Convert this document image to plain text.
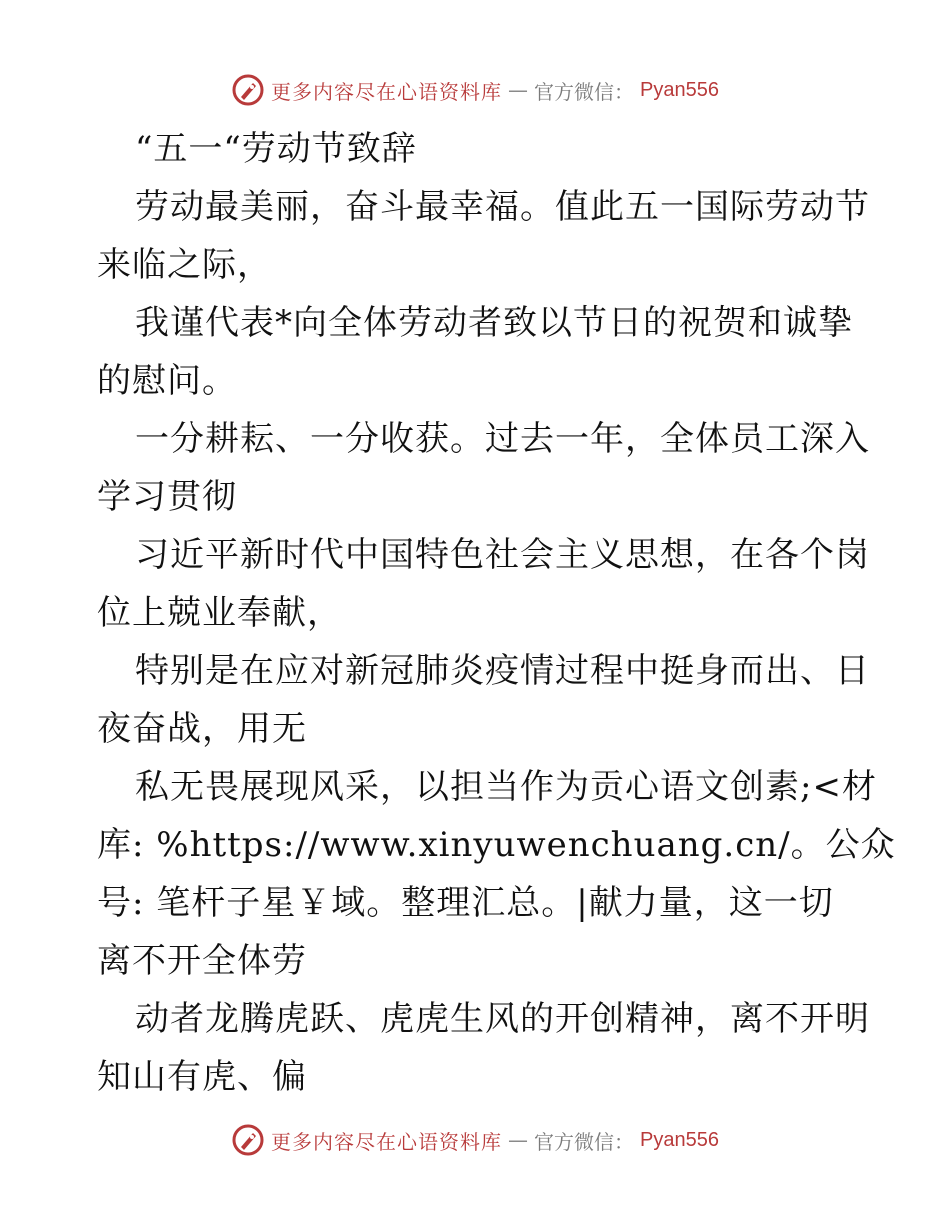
更多内容尽在心语资料库 — 官方微信： Pyan556
“五一“劳动节致辞
劳动最美丽，奋斗最幸福。值此五一国际劳动节
来临之际，
我谨代表*向全体劳动者致以节日的祝贺和诚挚
的慰问。
一分耕耘、一分收获。过去一年，全体员工深入
学习贯彻
习近平新时代中国特色社会主义思想，在各个岗
位上兢业奉献，
特别是在应对新冠肺炎疫情过程中挺身而出、日
夜奋战，用无
私无畏展现风采，以担当作为贡心语文创素;<材
库: %https://www.xinyuwenchuang.cn/。公众
号: 笔杆子星￥域。整理汇总。|献力量，这一切
离不开全体劳
动者龙腾虎跃、虎虎生风的开创精神，离不开明
知山有虎、偏
更多内容尽在心语资料库 — 官方微信： Pyan556
